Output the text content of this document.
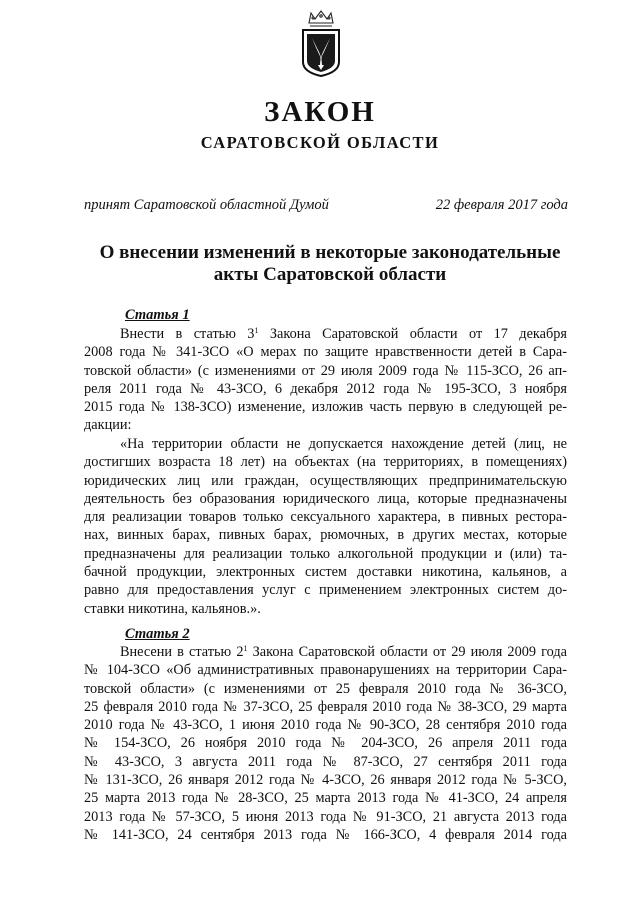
ЗАКОН
САРАТОВСКОЙ ОБЛАСТИ
принят Саратовской областной Думой	22 февраля 2017 года
О внесении изменений в некоторые законодательные
акты Саратовской области
Статья 1
Внести в статью $3^1$ Закона Саратовской области от 17 декабря
2008 года № 341-ЗСО «О мерах по защите нравственности детей в Сара-
товской области» (с изменениями от 29 июля 2009 года № 115-ЗСО, 26 ап-
реля 2011 года № 43-ЗСО, 6 декабря 2012 года № 195-ЗСО, 3 ноября
2015 года № 138-ЗСО) изменение, изложив часть первую в следующей ре-
дакции:
«На территории области не допускается нахождение детей (лиц, не
достигших возраста 18 лет) на объектах (на территориях, в помещениях)
юридических лиц или граждан, осуществляющих предпринимательскую
деятельность без образования юридического лица, которые предназначены
для реализации товаров только сексуального характера, в пивных ресторa-
нах, винных барах, пивных барах, рюмочных, в других местах, которые
предназначены для реализации только алкогольной продукции и (или) та-
бачной продукции, электронных систем доставки никотина, кальянов, а
равно для предоставления услуг с применением электронных систем до-
ставки никотина, кальянов.».
Статья 2
Внесени в статью $2^1$ Закона Саратовской области от 29 июля 2009 года
№ 104-ЗСО «Об административных правонарушениях на территории Сара-
товской области» (с изменениями от 25 февраля 2010 года № 36-ЗСО,
25 февраля 2010 года № 37-ЗСО, 25 февраля 2010 года № 38-ЗСО, 29 марта
2010 года № 43-ЗСО, 1 июня 2010 года № 90-ЗСО, 28 сентября 2010 года
№ 154-ЗСО, 26 ноября 2010 года № 204-ЗСО, 26 апреля 2011 года
№ 43-ЗСО, 3 августа 2011 года № 87-ЗСО, 27 сентября 2011 года
№ 131-ЗСО, 26 января 2012 года № 4-ЗСО, 26 января 2012 года № 5-ЗСО,
25 марта 2013 года № 28-ЗСО, 25 марта 2013 года № 41-ЗСО, 24 апреля
2013 года № 57-ЗСО, 5 июня 2013 года № 91-ЗСО, 21 августа 2013 года
№ 141-ЗСО, 24 сентября 2013 года № 166-ЗСО, 4 февраля 2014 года
